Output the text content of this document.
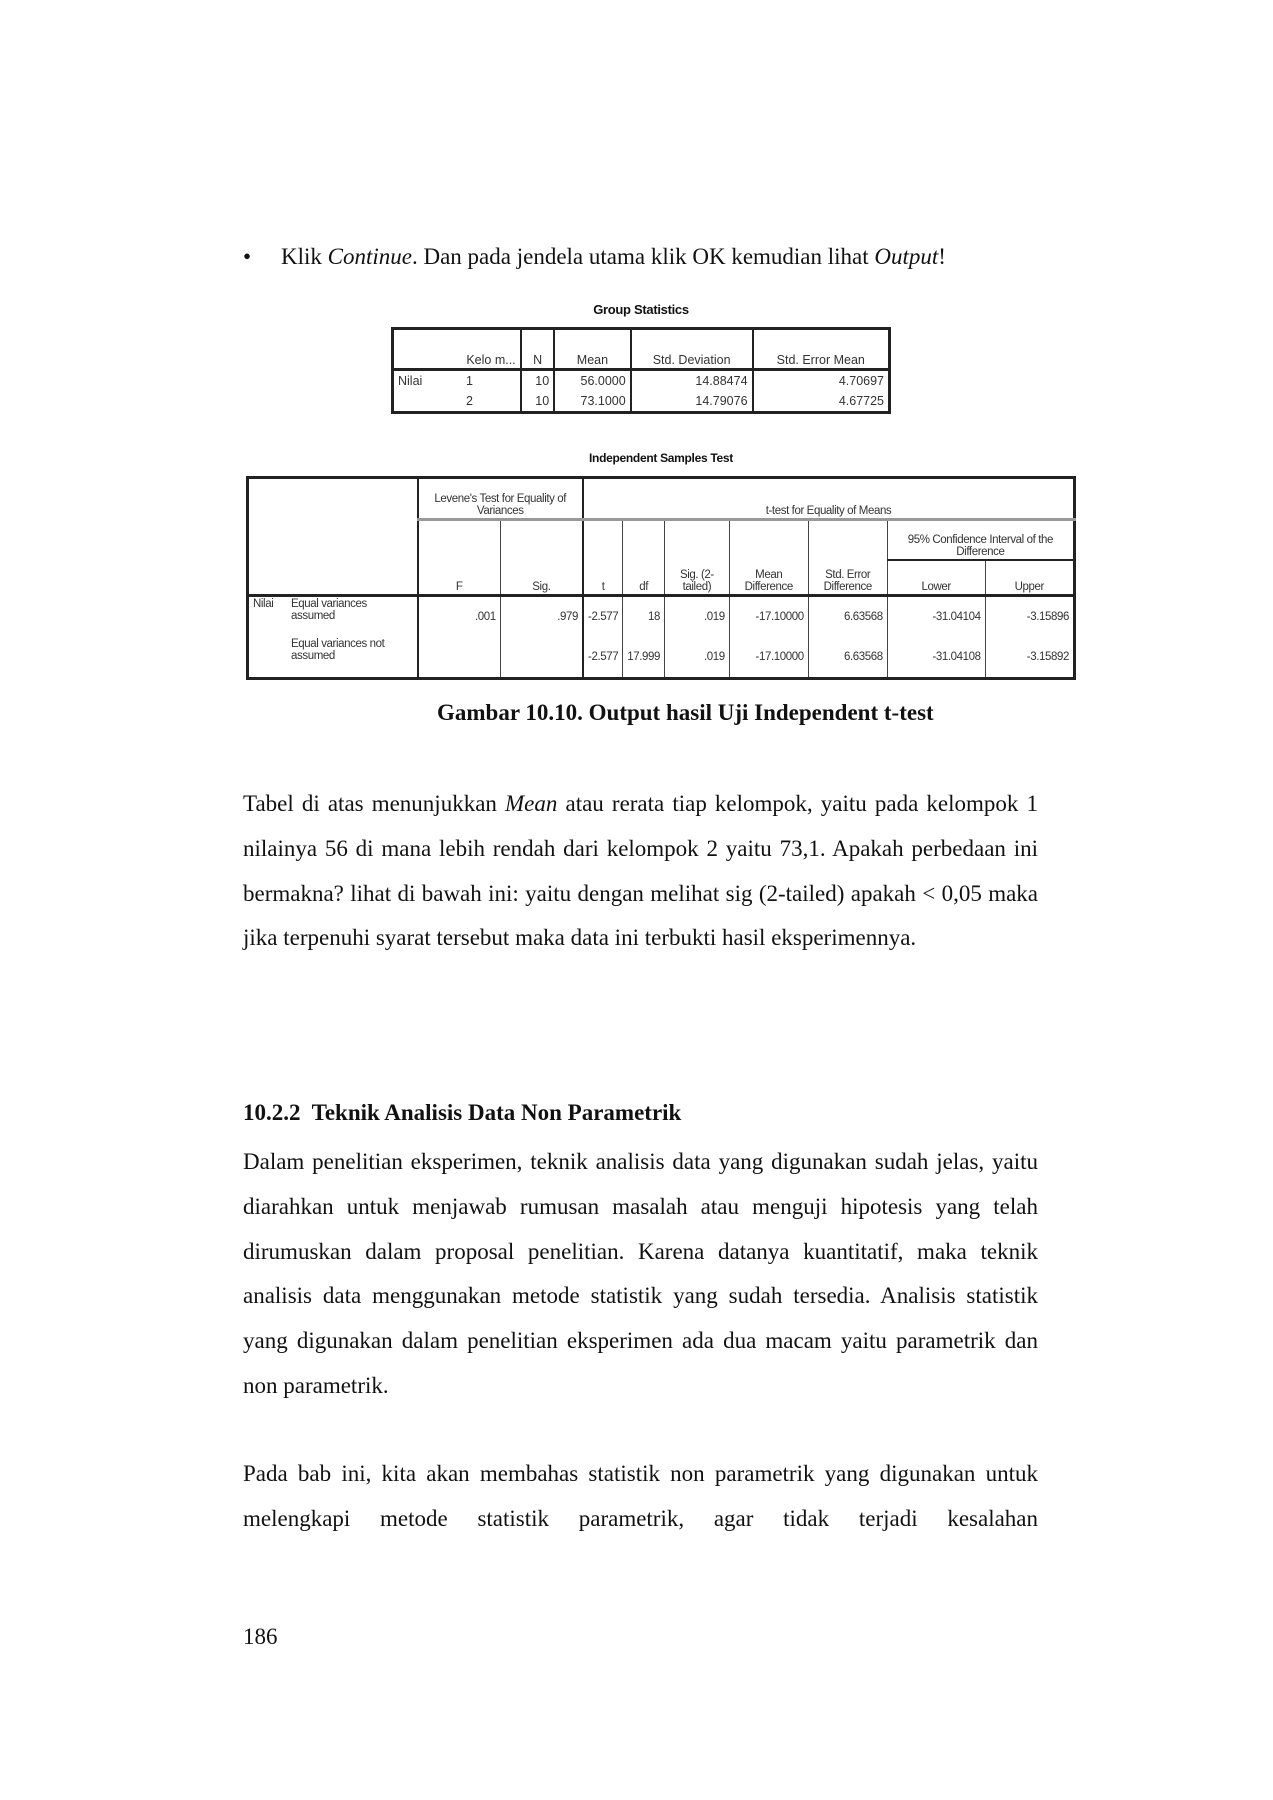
• Klik Continue. Dan pada jendela utama klik OK kemudian lihat Output!
Group Statistics
	Kelo m...	N	Mean	Std. Deviation	Std. Error Mean
Nilai	1	10	56.0000	14.88474	4.70697
	2	10	73.1000	14.79076	4.67725
Independent Samples Test
		Levene's Test for Equality of Variances		t-test for Equality of Means						
		F	Sig.	t	df	Sig. (2-tailed)	Mean Difference	Std. Error Difference	95% Confidence Interval of the Difference	
									Lower	Upper
Nilai	Equal variances assumed	.001	.979	-2.577	18	.019	-17.10000	6.63568	-31.04104	-3.15896
	Equal variances not assumed			-2.577	17.999	.019	-17.10000	6.63568	-31.04108	-3.15892
Gambar 10.10. Output hasil Uji Independent t-test

Tabel di atas menunjukkan Mean atau rerata tiap kelompok, yaitu pada kelompok 1 nilainya 56 di mana lebih rendah dari kelompok 2 yaitu 73,1. Apakah perbedaan ini bermakna? lihat di bawah ini: yaitu dengan melihat sig (2-tailed) apakah < 0,05 maka jika terpenuhi syarat tersebut maka data ini terbukti hasil eksperimennya.

10.2.2  Teknik Analisis Data Non Parametrik

Dalam penelitian eksperimen, teknik analisis data yang digunakan sudah jelas, yaitu diarahkan untuk menjawab rumusan masalah atau menguji hipotesis yang telah dirumuskan dalam proposal penelitian. Karena datanya kuantitatif, maka teknik analisis data menggunakan metode statistik yang sudah tersedia. Analisis statistik yang digunakan dalam penelitian eksperimen ada dua macam yaitu parametrik dan non parametrik.

Pada bab ini, kita akan membahas statistik non parametrik yang digunakan untuk melengkapi metode statistik parametrik, agar tidak terjadi kesalahan

186
